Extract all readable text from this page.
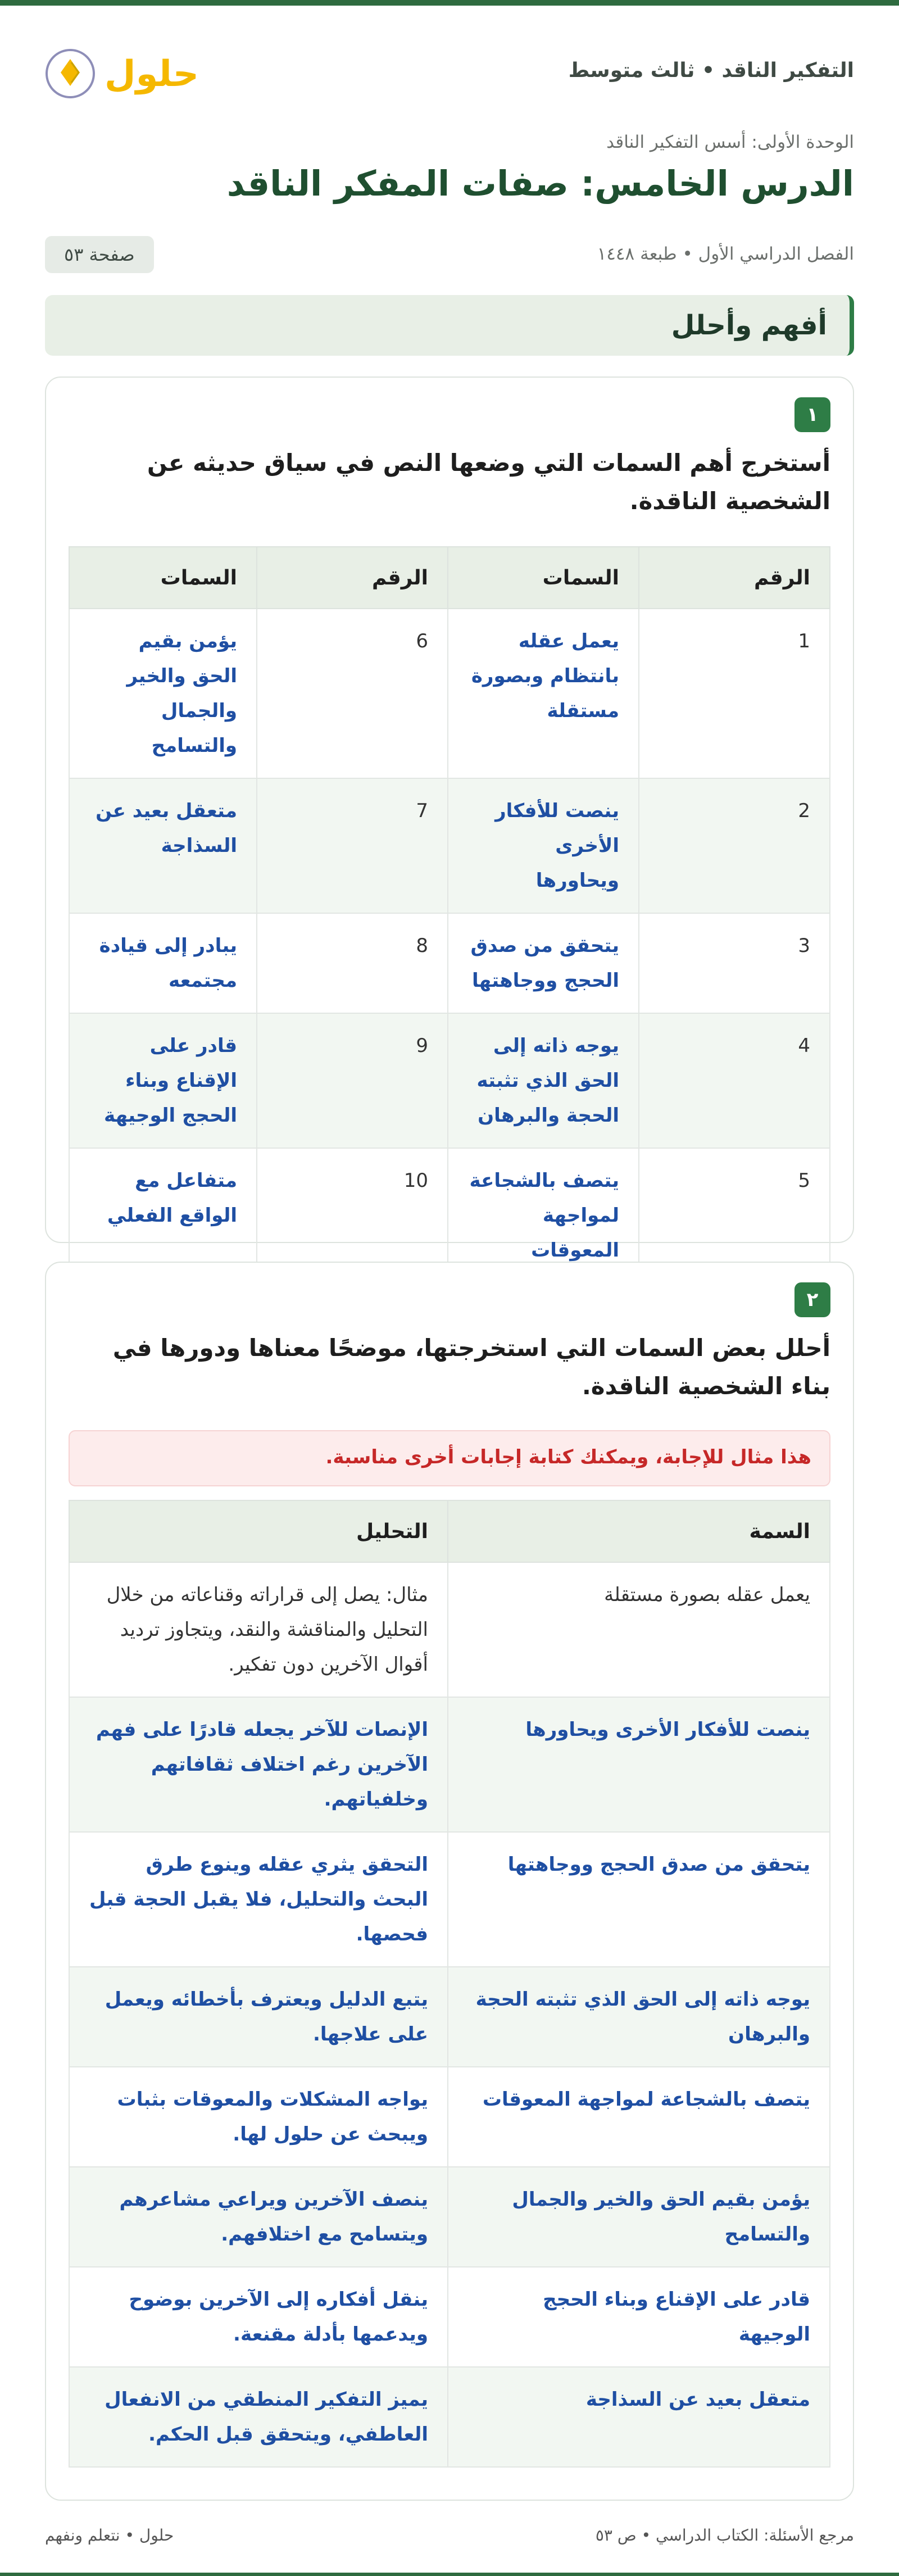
التفكير الناقد • ثالث متوسط
حلول

الوحدة الأولى: أسس التفكير الناقد

الدرس الخامس: صفات المفكر الناقد
الفصل الدراسي الأول • طبعة ١٤٤٨
صفحة ٥٣
أفهم وأحلل
١

أستخرج أهم السمات التي وضعها النص في سياق حديثه عن الشخصية الناقدة.

الرقم	السمات	الرقم	السمات
1	يعمل عقله بانتظام وبصورة مستقلة	6	يؤمن بقيم الحق والخير والجمال والتسامح
2	ينصت للأفكار الأخرى ويحاورها	7	متعقل بعيد عن السذاجة
3	يتحقق من صدق الحجج ووجاهتها	8	يبادر إلى قيادة مجتمعه
4	يوجه ذاته إلى الحق الذي تثبته الحجة والبرهان	9	قادر على الإقناع وبناء الحجج الوجيهة
5	يتصف بالشجاعة لمواجهة المعوقات	10	متفاعل مع الواقع الفعلي
٢

أحلل بعض السمات التي استخرجتها، موضحًا معناها ودورها في بناء الشخصية الناقدة.

هذا مثال للإجابة، ويمكنك كتابة إجابات أخرى مناسبة.
السمة	التحليل
يعمل عقله بصورة مستقلة	مثال: يصل إلى قراراته وقناعاته من خلال التحليل والمناقشة والنقد، ويتجاوز ترديد أقوال الآخرين دون تفكير.
ينصت للأفكار الأخرى ويحاورها	الإنصات للآخر يجعله قادرًا على فهم الآخرين رغم اختلاف ثقافاتهم وخلفياتهم.
يتحقق من صدق الحجج ووجاهتها	التحقق يثري عقله وينوع طرق البحث والتحليل، فلا يقبل الحجة قبل فحصها.
يوجه ذاته إلى الحق الذي تثبته الحجة والبرهان	يتبع الدليل ويعترف بأخطائه ويعمل على علاجها.
يتصف بالشجاعة لمواجهة المعوقات	يواجه المشكلات والمعوقات بثبات ويبحث عن حلول لها.
يؤمن بقيم الحق والخير والجمال والتسامح	ينصف الآخرين ويراعي مشاعرهم ويتسامح مع اختلافهم.
قادر على الإقناع وبناء الحجج الوجيهة	ينقل أفكاره إلى الآخرين بوضوح ويدعمها بأدلة مقنعة.
متعقل بعيد عن السذاجة	يميز التفكير المنطقي من الانفعال العاطفي، ويتحقق قبل الحكم.
مرجع الأسئلة: الكتاب الدراسي • ص ٥٣
حلول • نتعلم ونفهم
